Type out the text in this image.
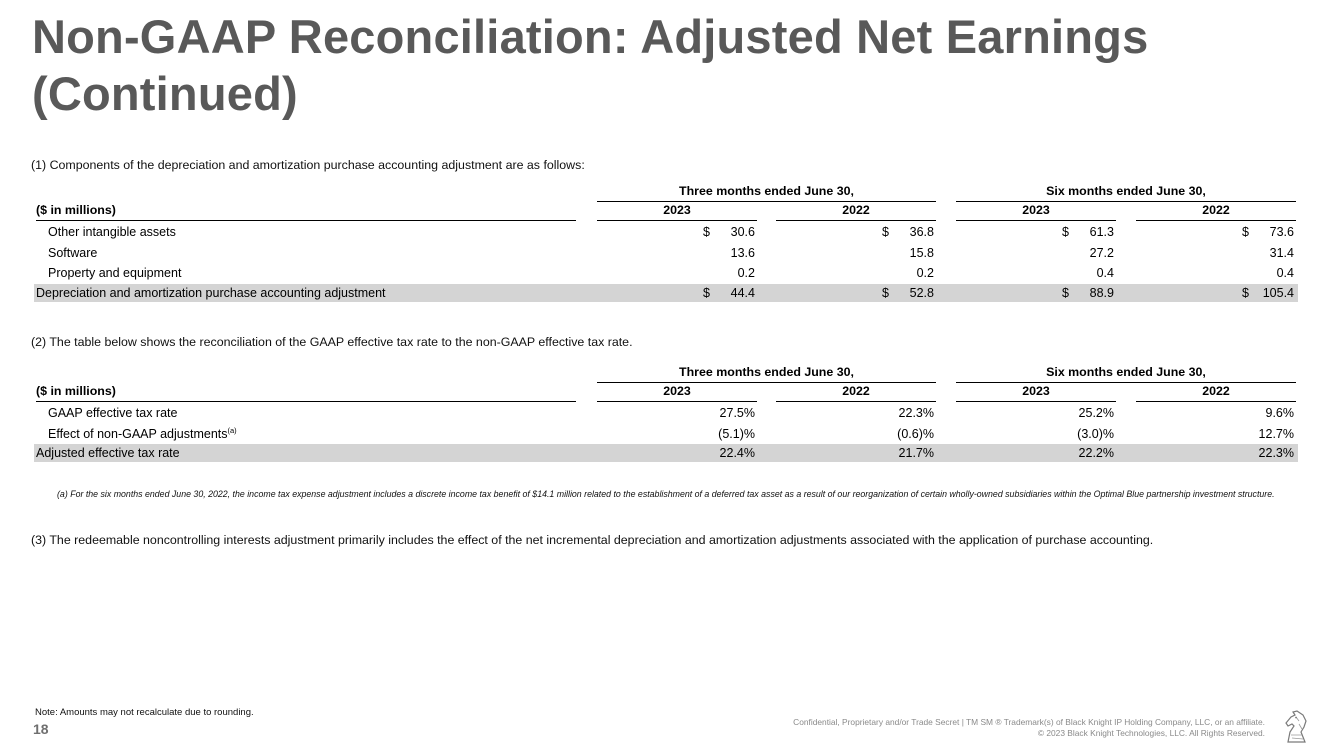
Non-GAAP Reconciliation: Adjusted Net Earnings (Continued)
(1) Components of the depreciation and amortization purchase accounting adjustment are as follows:
Three months ended June 30,	Six months ended June 30,
($ in millions)	2023	2022	2023	2022
Other intangible assets	$ 30.6	$ 36.8	$ 61.3	$ 73.6
Software	13.6	15.8	27.2	31.4
Property and equipment	0.2	0.2	0.4	0.4
Depreciation and amortization purchase accounting adjustment	$ 44.4	$ 52.8	$ 88.9	$ 105.4
(2) The table below shows the reconciliation of the GAAP effective tax rate to the non-GAAP effective tax rate.
Three months ended June 30,	Six months ended June 30,
($ in millions)	2023	2022	2023	2022
GAAP effective tax rate	27.5%	22.3%	25.2%	9.6%
Effect of non-GAAP adjustments$^{(a)}$	(5.1)%	(0.6)%	(3.0)%	12.7%
Adjusted effective tax rate	22.4%	21.7%	22.2%	22.3%
(a) For the six months ended June 30, 2022, the income tax expense adjustment includes a discrete income tax benefit of $14.1 million related to the establishment of a deferred tax asset as a result of our reorganization of certain wholly-owned subsidiaries within the Optimal Blue partnership investment structure.
(3) The redeemable noncontrolling interests adjustment primarily includes the effect of the net incremental depreciation and amortization adjustments associated with the application of purchase accounting.
Note: Amounts may not recalculate due to rounding.
18	Confidential, Proprietary and/or Trade Secret | TM SM ® Trademark(s) of Black Knight IP Holding Company, LLC, or an affiliate.
© 2023 Black Knight Technologies, LLC. All Rights Reserved.
